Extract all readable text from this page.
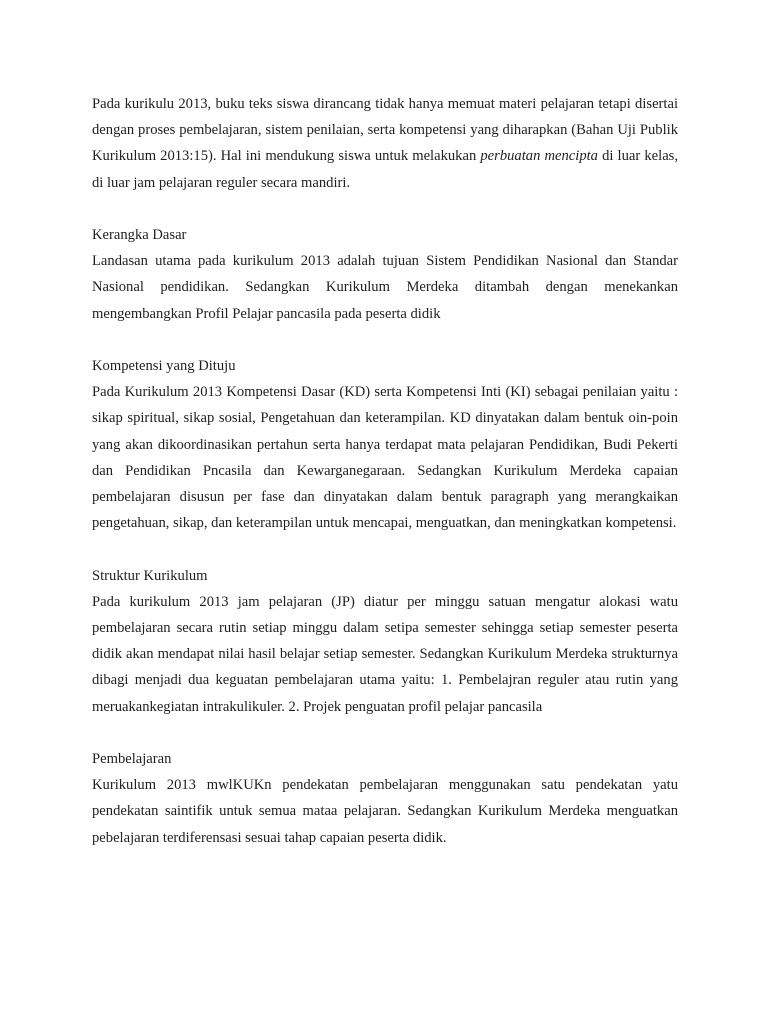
Pada kurikulu 2013, buku teks siswa dirancang tidak hanya memuat materi pelajaran tetapi disertai dengan proses pembelajaran, sistem penilaian, serta kompetensi yang diharapkan (Bahan Uji Publik Kurikulum 2013:15). Hal ini mendukung siswa untuk melakukan perbuatan mencipta di luar kelas, di luar jam pelajaran reguler secara mandiri.

Kerangka Dasar

Landasan utama pada kurikulum 2013 adalah tujuan Sistem Pendidikan Nasional dan Standar Nasional pendidikan. Sedangkan Kurikulum Merdeka ditambah dengan menekankan mengembangkan Profil Pelajar pancasila pada peserta didik

Kompetensi yang Dituju

Pada Kurikulum 2013 Kompetensi Dasar (KD) serta Kompetensi Inti (KI) sebagai penilaian yaitu : sikap spiritual, sikap sosial, Pengetahuan dan keterampilan. KD dinyatakan dalam bentuk oin-poin yang akan dikoordinasikan pertahun serta hanya terdapat mata pelajaran Pendidikan, Budi Pekerti dan Pendidikan Pncasila dan Kewarganegaraan. Sedangkan Kurikulum Merdeka capaian pembelajaran disusun per fase dan dinyatakan dalam bentuk paragraph yang merangkaikan pengetahuan, sikap, dan keterampilan untuk mencapai, menguatkan, dan meningkatkan kompetensi.

Struktur Kurikulum

Pada kurikulum 2013 jam pelajaran (JP) diatur per minggu satuan mengatur alokasi watu pembelajaran secara rutin setiap minggu dalam setipa semester sehingga setiap semester peserta didik akan mendapat nilai hasil belajar setiap semester. Sedangkan Kurikulum Merdeka strukturnya dibagi menjadi dua keguatan pembelajaran utama yaitu: 1. Pembelajran reguler atau rutin yang meruakankegiatan intrakulikuler. 2. Projek penguatan profil pelajar pancasila

Pembelajaran

Kurikulum 2013 mwlKUKn pendekatan pembelajaran menggunakan satu pendekatan yatu pendekatan saintifik untuk semua mataa pelajaran. Sedangkan Kurikulum Merdeka menguatkan pebelajaran terdiferensasi sesuai tahap capaian peserta didik.
